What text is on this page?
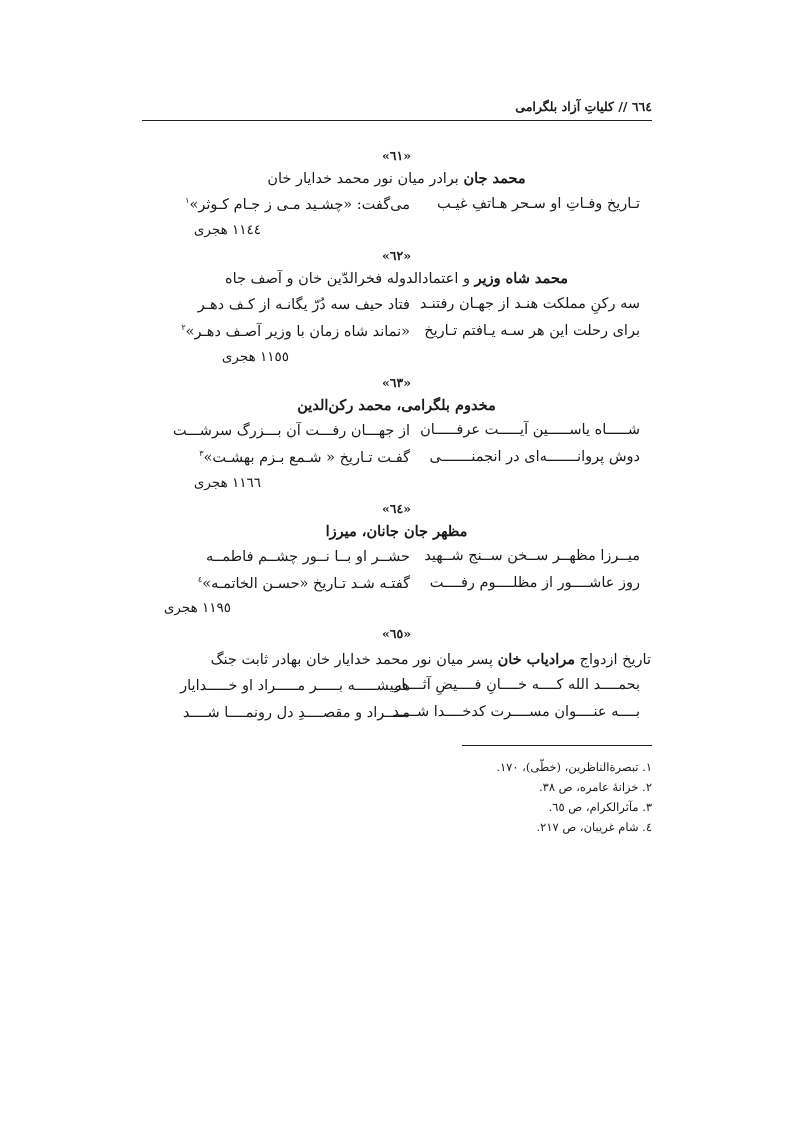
٦٦٤ // کلیاتِ آزاد بلگرامی
«٦١»
محمد جان برادر میان نور محمد خدایار خان
تـاریخ وفـاتِ او سـحر هـاتفِ غیـب
می‌گفت: «چشـید مـی ز جـام کـوثر»$^١$
١١٤٤ هجری
«٦٢»
محمد شاه وزیر و اعتمادالدوله فخرالدّین خان و آصف جاه
سه رکنِ مملکت هنـد از جهـان رفتنـد
فتاد حیف سه دُرّ یگانـه از کـف دهـر
برای رحلت این هر سـه یـافتم تـاریخ
«نماند شاه زمان با وزیر آصـف دهـر»$^٢$
١١٥٥ هجری
«٦٣»
مخدوم بلگرامی، محمد رکن‌الدین
شـــــاه یاســـــین آیـــــت عرفـــــان
از جهـــان رفـــت آن بـــزرگ سرشـــت
دوش پروانـــــــه‌ای در انجمنـــــــی
گفـت تـاریخ « شـمع بـزم بهشـت»$^٣$
١١٦٦ هجری
«٦٤»
مظهر جان جانان، میرزا
میــرزا مظهــر ســخن ســنج شــهید
حشــر او بــا نــور چشــم فاطمــه
روز عاشــــور از مظلــــوم رفــــت
گفتـه شـد تـاریخ «حسـن الخاتمـه»$^٤$
١١٩٥ هجری
«٦٥»
تاریخ ازدواج مرادیاب خان پسر میان نور محمد خدایار خان بهادر ثابت جنگ
بحمــــد الله کــــه خــــانِ فــــیضِ آثــــار
همیشـــــه بـــــر مـــــراد او خـــــدایار
بــــه عنــــوان مســــرت کدخــــدا شــــد
مــــراد و مقصــــدِ دل رونمــــا شــــد
١. تبصرةالناظرین، (خطّی)، ١٧٠.
٢. خزانهٔ عامره، ص ٣٨.
٣. مآثرالکرام، ص ٦٥.
٤. شام غریبان، ص ٢١٧.
